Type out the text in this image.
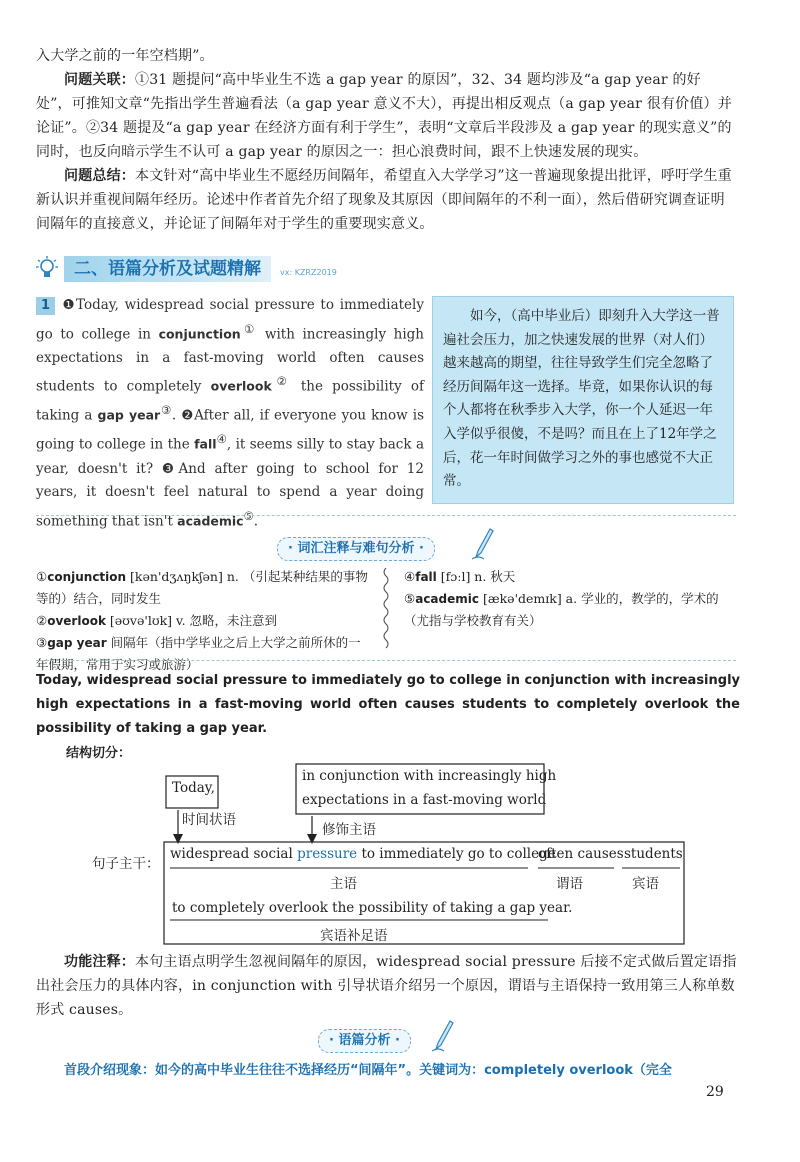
入大学之前的一年空档期”。

问题关联：①31 题提问“高中毕业生不选 a gap year 的原因”，32、34 题均涉及“a gap year 的好处”，可推知文章“先指出学生普遍看法（a gap year 意义不大），再提出相反观点（a gap year 很有价值）并论证”。②34 题提及“a gap year 在经济方面有利于学生”，表明“文章后半段涉及 a gap year 的现实意义”的同时，也反向暗示学生不认可 a gap year 的原因之一：担心浪费时间，跟不上快速发展的现实。

问题总结：本文针对“高中毕业生不愿经历间隔年，希望直入大学学习”这一普遍现象提出批评，呼吁学生重新认识并重视间隔年经历。论述中作者首先介绍了现象及其原因（即间隔年的不利一面），然后借研究调查证明间隔年的直接意义，并论证了间隔年对于学生的重要现实意义。

二、语篇分析及试题精解	vx: KZRZ2019
1 ❶Today, widespread social pressure to immediately go to college in conjunction① with increasingly high expectations in a fast-moving world often causes students to completely overlook② the possibility of taking a gap year③. ❷After all, if everyone you know is going to college in the fall④, it seems silly to stay back a year, doesn't it? ❸And after going to school for 12 years, it doesn't feel natural to spend a year doing something that isn't academic⑤.
如今，（高中毕业后）即刻升入大学这一普遍社会压力，加之快速发展的世界（对人们）越来越高的期望，往往导致学生们完全忽略了经历间隔年这一选择。毕竟，如果你认识的每个人都将在秋季步入大学，你一个人延迟一年入学似乎很傻，不是吗？而且在上了12年学之后，花一年时间做学习之外的事也感觉不大正常。
· 词汇注释与难句分析 ·
①conjunction [kən'dʒʌŋkʃən] n. （引起某种结果的事物等的）结合，同时发生
②overlook [əʊvə'lʊk] v. 忽略，未注意到
③gap year 间隔年（指中学毕业之后上大学之前所休的一年假期，常用于实习或旅游）
④fall [fɔːl] n. 秋天
⑤academic [ækə'demɪk] a. 学业的，教学的，学术的（尤指与学校教育有关）
Today, widespread social pressure to immediately go to college in conjunction with increasingly high expectations in a fast-moving world often causes students to completely overlook the possibility of taking a gap year.
结构切分：
Today,
时间状语
in conjunction with increasingly high
expectations in a fast-moving world
修饰主语
句子主干：
widespread social pressure to immediately go to college
主语
often causes
谓语
students
宾语
to completely overlook the possibility of taking a gap year.
宾语补足语

功能注释：本句主语点明学生忽视间隔年的原因，widespread social pressure 后接不定式做后置定语指出社会压力的具体内容，in conjunction with 引导状语介绍另一个原因，谓语与主语保持一致用第三人称单数形式 causes。

· 语篇分析 ·
首段介绍现象：如今的高中毕业生往往不选择经历“间隔年”。关键词为：completely overlook（完全
29
